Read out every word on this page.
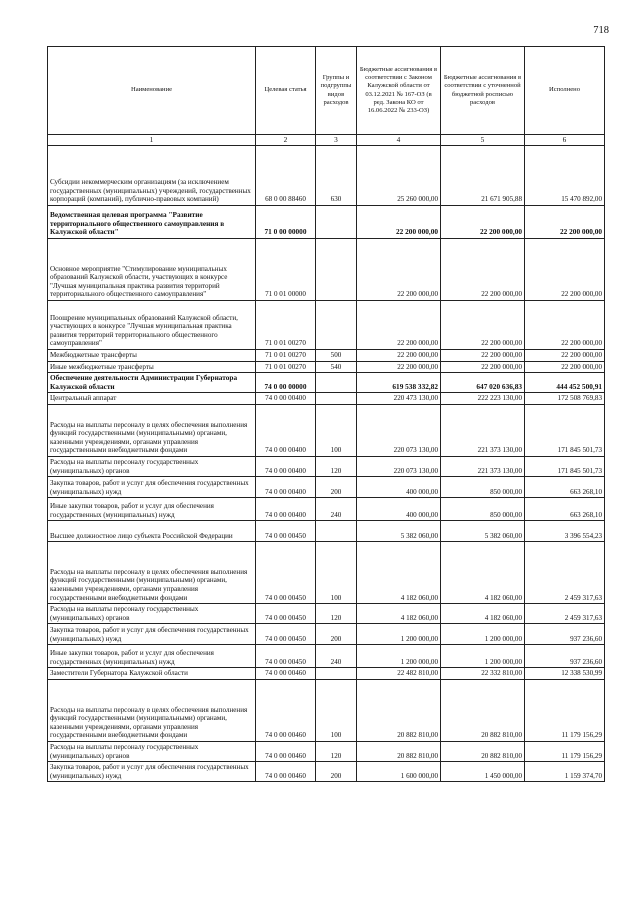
718
Наименование	Целевая статья	Группы и подгруппы видов расходов	Бюджетные ассигнования в соответствии с Законом Калужской области от 03.12.2021 № 167-ОЗ (в ред. Закона КО от 16.06.2022 № 233-ОЗ)	Бюджетные ассигнования в соответствии с уточненной бюджетной росписью расходов	Исполнено
1	2	3	4	5	6
Субсидии некоммерческим организациям (за исключением государственных (муниципальных) учреждений, государственных корпораций (компаний), публично-правовых компаний)	68 0 00 88460	630	25 260 000,00	21 671 905,88	15 470 892,00
Ведомственная целевая программа "Развитие территориального общественного самоуправления в Калужской области"	71 0 00 00000		22 200 000,00	22 200 000,00	22 200 000,00
Основное мероприятие "Стимулирование муниципальных образований Калужской области, участвующих в конкурсе "Лучшая муниципальная практика развития территорий территориального общественного самоуправления"	71 0 01 00000		22 200 000,00	22 200 000,00	22 200 000,00
Поощрение муниципальных образований Калужской области, участвующих в конкурсе "Лучшая муниципальная практика развития территорий территориального общественного самоуправления"	71 0 01 00270		22 200 000,00	22 200 000,00	22 200 000,00
Межбюджетные трансферты	71 0 01 00270	500	22 200 000,00	22 200 000,00	22 200 000,00
Иные межбюджетные трансферты	71 0 01 00270	540	22 200 000,00	22 200 000,00	22 200 000,00
Обеспечение деятельности Администрации Губернатора Калужской области	74 0 00 00000		619 538 332,82	647 020 636,83	444 452 500,91
Центральный аппарат	74 0 00 00400		220 473 130,00	222 223 130,00	172 508 769,83
Расходы на выплаты персоналу в целях обеспечения выполнения функций государственными (муниципальными) органами, казенными учреждениями, органами управления государственными внебюджетными фондами	74 0 00 00400	100	220 073 130,00	221 373 130,00	171 845 501,73
Расходы на выплаты персоналу государственных (муниципальных) органов	74 0 00 00400	120	220 073 130,00	221 373 130,00	171 845 501,73
Закупка товаров, работ и услуг для обеспечения государственных (муниципальных) нужд	74 0 00 00400	200	400 000,00	850 000,00	663 268,10
Иные закупки товаров, работ и услуг для обеспечения государственных (муниципальных) нужд	74 0 00 00400	240	400 000,00	850 000,00	663 268,10
Высшее должностное лицо субъекта Российской Федерации	74 0 00 00450		5 382 060,00	5 382 060,00	3 396 554,23
Расходы на выплаты персоналу в целях обеспечения выполнения функций государственными (муниципальными) органами, казенными учреждениями, органами управления государственными внебюджетными фондами	74 0 00 00450	100	4 182 060,00	4 182 060,00	2 459 317,63
Расходы на выплаты персоналу государственных (муниципальных) органов	74 0 00 00450	120	4 182 060,00	4 182 060,00	2 459 317,63
Закупка товаров, работ и услуг для обеспечения государственных (муниципальных) нужд	74 0 00 00450	200	1 200 000,00	1 200 000,00	937 236,60
Иные закупки товаров, работ и услуг для обеспечения государственных (муниципальных) нужд	74 0 00 00450	240	1 200 000,00	1 200 000,00	937 236,60
Заместители Губернатора Калужской области	74 0 00 00460		22 482 810,00	22 332 810,00	12 338 530,99
Расходы на выплаты персоналу в целях обеспечения выполнения функций государственными (муниципальными) органами, казенными учреждениями, органами управления государственными внебюджетными фондами	74 0 00 00460	100	20 882 810,00	20 882 810,00	11 179 156,29
Расходы на выплаты персоналу государственных (муниципальных) органов	74 0 00 00460	120	20 882 810,00	20 882 810,00	11 179 156,29
Закупка товаров, работ и услуг для обеспечения государственных (муниципальных) нужд	74 0 00 00460	200	1 600 000,00	1 450 000,00	1 159 374,70
